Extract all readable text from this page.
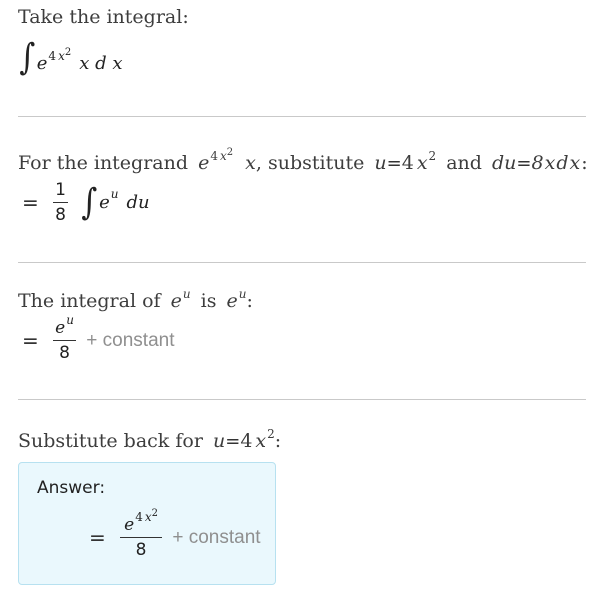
Take the integral:
$\int e^{4 x^2}x$ d x
For the integrand $e^{4 x^2}$ x, substitute u=4 $x^2$ and du=8xdx:
= $\frac{1}{8} \int e^u$ du
The integral of $e^u$ is $e^u$:
= $\frac{e^u}{8}$ + constant
Substitute back for u=4 $x^2$:
Answer:
= $\frac{e^{4 x^2}}{8}$ + constant
